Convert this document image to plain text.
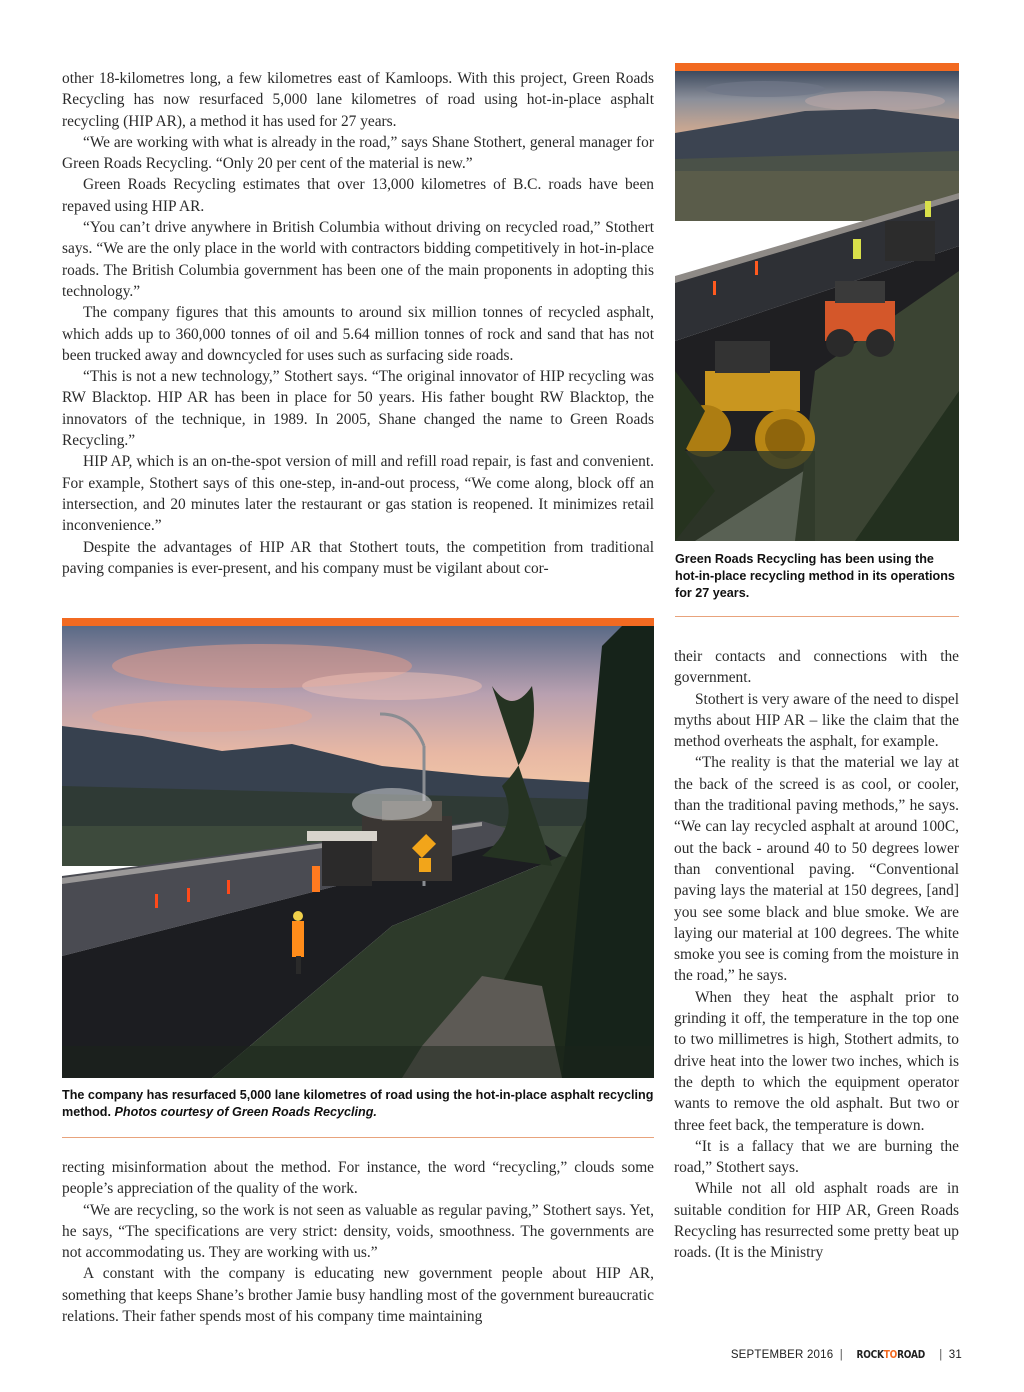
other 18-kilometres long, a few kilometres east of Kamloops. With this project, Green Roads Recycling has now resurfaced 5,000 lane kilometres of road using hot-in-place asphalt recycling (HIP AR), a method it has used for 27 years.

“We are working with what is already in the road,” says Shane Stothert, general manager for Green Roads Recycling. “Only 20 per cent of the material is new.”

Green Roads Recycling estimates that over 13,000 kilometres of B.C. roads have been repaved using HIP AR.

“You can’t drive anywhere in British Columbia without driving on recycled road,” Stothert says. “We are the only place in the world with contractors bidding competitively in hot-in-place roads. The British Columbia government has been one of the main proponents in adopting this technology.”

The company figures that this amounts to around six million tonnes of recycled asphalt, which adds up to 360,000 tonnes of oil and 5.64 million tonnes of rock and sand that has not been trucked away and downcycled for uses such as surfacing side roads.

“This is not a new technology,” Stothert says. “The original innovator of HIP recycling was RW Blacktop. HIP AR has been in place for 50 years. His father bought RW Blacktop, the innovators of the technique, in 1989. In 2005, Shane changed the name to Green Roads Recycling.”

HIP AP, which is an on-the-spot version of mill and refill road repair, is fast and convenient. For example, Stothert says of this one-step, in-and-out process, “We come along, block off an intersection, and 20 minutes later the restaurant or gas station is reopened. It minimizes retail inconvenience.”

Despite the advantages of HIP AR that Stothert touts, the competition from traditional paving companies is ever-present, and his company must be vigilant about cor-

Green Roads Recycling has been using the hot-in-place recycling method in its operations for 27 years.
The company has resurfaced 5,000 lane kilometres of road using the hot-in-place asphalt recycling method. Photos courtesy of Green Roads Recycling.

their contacts and connections with the government.

Stothert is very aware of the need to dispel myths about HIP AR – like the claim that the method overheats the asphalt, for example.

“The reality is that the material we lay at the back of the screed is as cool, or cooler, than the traditional paving methods,” he says. “We can lay recycled asphalt at around 100C, out the back - around 40 to 50 degrees lower than conventional paving. “Conventional paving lays the material at 150 degrees, [and] you see some black and blue smoke. We are laying our material at 100 degrees. The white smoke you see is coming from the moisture in the road,” he says.

When they heat the asphalt prior to grinding it off, the temperature in the top one to two millimetres is high, Stothert admits, to drive heat into the lower two inches, which is the depth to which the equipment operator wants to remove the old asphalt. But two or three feet back, the temperature is down.

“It is a fallacy that we are burning the road,” Stothert says.

While not all old asphalt roads are in suitable condition for HIP AR, Green Roads Recycling has resurrected some pretty beat up roads. (It is the Ministry

recting misinformation about the method. For instance, the word “recycling,” clouds some people’s appreciation of the quality of the work.

“We are recycling, so the work is not seen as valuable as regular paving,” Stothert says. Yet, he says, “The specifications are very strict: density, voids, smoothness. The governments are not accommodating us. They are working with us.”

A constant with the company is educating new government people about HIP AR, something that keeps Shane’s brother Jamie busy handling most of the government bureaucratic relations. Their father spends most of his company time maintaining

SEPTEMBER 2016 | ROCKTOROAD | 31
